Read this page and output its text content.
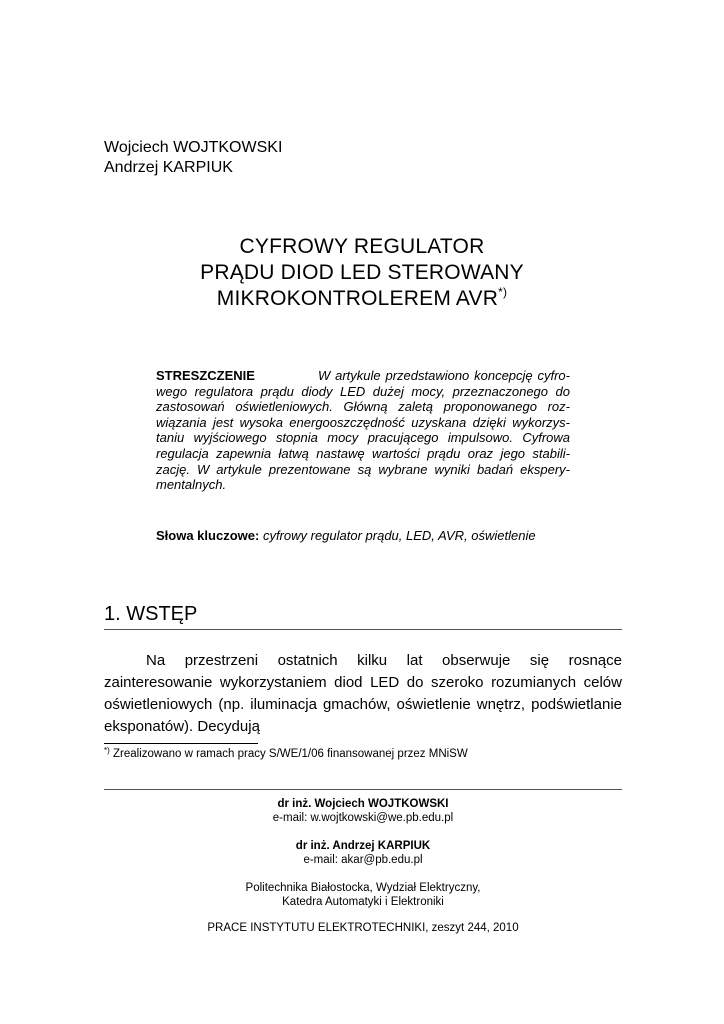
Wojciech WOJTKOWSKI
Andrzej KARPIUK
CYFROWY REGULATOR
PRĄDU DIOD LED STEROWANY
MIKROKONTROLEREM AVR*)
STRESZCZENIE	W artykule przedstawiono koncepcję cyfro-wego regulatora prądu diody LED dużej mocy, przeznaczonego do zastosowań oświetleniowych. Główną zaletą proponowanego roz-wiązania jest wysoka energooszczędność uzyskana dzięki wykorzys-taniu wyjściowego stopnia mocy pracującego impulsowo. Cyfrowa regulacja zapewnia łatwą nastawę wartości prądu oraz jego stabili-zację. W artykule prezentowane są wybrane wyniki badań ekspery-mentalnych.
Słowa kluczowe: cyfrowy regulator prądu, LED, AVR, oświetlenie
1. WSTĘP
Na przestrzeni ostatnich kilku lat obserwuje się rosnące zainteresowanie wykorzystaniem diod LED do szeroko rozumianych celów oświetleniowych (np. iluminacja gmachów, oświetlenie wnętrz, podświetlanie eksponatów). Decydują
*) Zrealizowano w ramach pracy S/WE/1/06 finansowanej przez MNiSW
dr inż. Wojciech WOJTKOWSKI
e-mail: w.wojtkowski@we.pb.edu.pl
dr inż. Andrzej KARPIUK
e-mail: akar@pb.edu.pl
Politechnika Białostocka, Wydział Elektryczny,
Katedra Automatyki i Elektroniki
PRACE INSTYTUTU ELEKTROTECHNIKI, zeszyt 244, 2010
